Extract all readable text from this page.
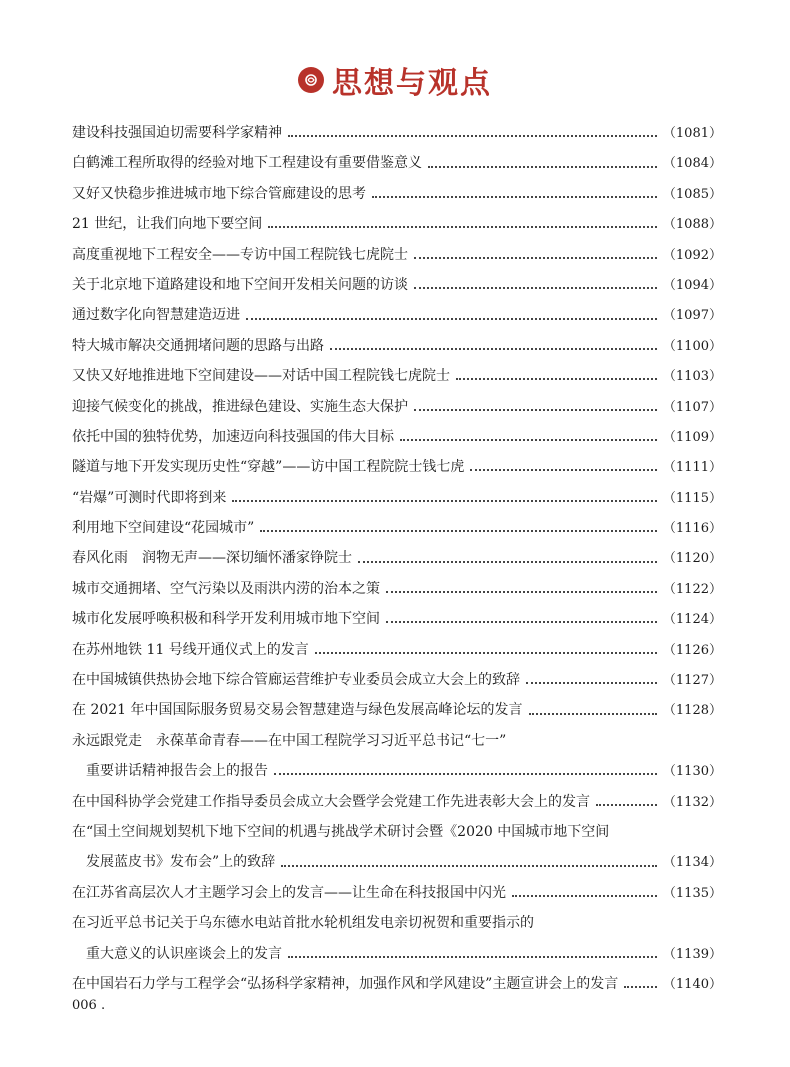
思想与观点
建设科技强国迫切需要科学家精神	（1081）
白鹤滩工程所取得的经验对地下工程建设有重要借鉴意义	（1084）
又好又快稳步推进城市地下综合管廊建设的思考	（1085）
21 世纪，让我们向地下要空间	（1088）
高度重视地下工程安全——专访中国工程院钱七虎院士	（1092）
关于北京地下道路建设和地下空间开发相关问题的访谈	（1094）
通过数字化向智慧建造迈进	（1097）
特大城市解决交通拥堵问题的思路与出路	（1100）
又快又好地推进地下空间建设——对话中国工程院钱七虎院士	（1103）
迎接气候变化的挑战，推进绿色建设、实施生态大保护	（1107）
依托中国的独特优势，加速迈向科技强国的伟大目标	（1109）
隧道与地下开发实现历史性“穿越”——访中国工程院院士钱七虎	（1111）
“岩爆”可测时代即将到来	（1115）
利用地下空间建设“花园城市”	（1116）
春风化雨　润物无声——深切缅怀潘家铮院士	（1120）
城市交通拥堵、空气污染以及雨洪内涝的治本之策	（1122）
城市化发展呼唤积极和科学开发利用城市地下空间	（1124）
在苏州地铁 11 号线开通仪式上的发言	（1126）
在中国城镇供热协会地下综合管廊运营维护专业委员会成立大会上的致辞	（1127）
在 2021 年中国国际服务贸易交易会智慧建造与绿色发展高峰论坛的发言	（1128）
永远跟党走　永葆革命青春——在中国工程院学习习近平总书记“七一”
重要讲话精神报告会上的报告	（1130）
在中国科协学会党建工作指导委员会成立大会暨学会党建工作先进表彰大会上的发言	（1132）
在“国土空间规划契机下地下空间的机遇与挑战学术研讨会暨《2020 中国城市地下空间
发展蓝皮书》发布会”上的致辞	（1134）
在江苏省高层次人才主题学习会上的发言——让生命在科技报国中闪光	（1135）
在习近平总书记关于乌东德水电站首批水轮机组发电亲切祝贺和重要指示的
重大意义的认识座谈会上的发言	（1139）
在中国岩石力学与工程学会“弘扬科学家精神，加强作风和学风建设”主题宣讲会上的发言	（1140）
006 .
